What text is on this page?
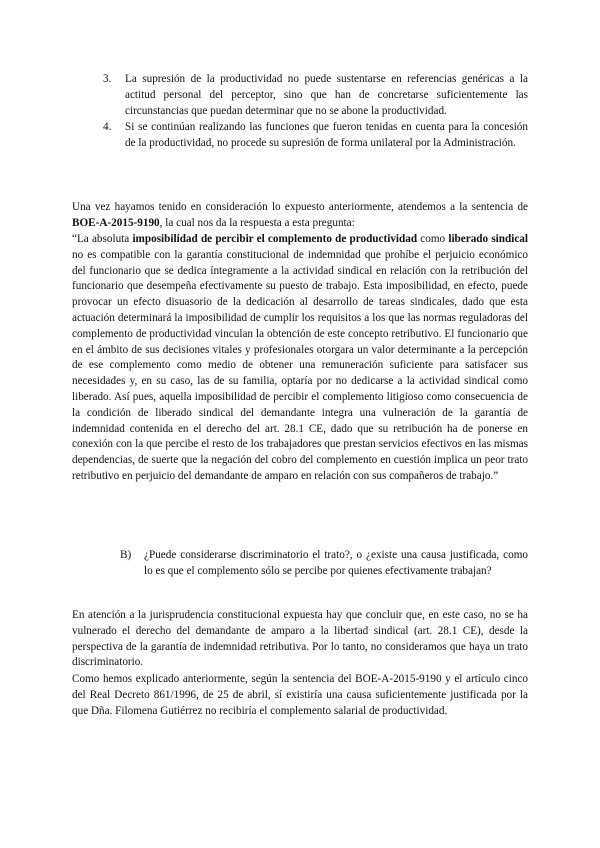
3.	La supresión de la productividad no puede sustentarse en referencias genéricas a la actitud personal del perceptor, sino que han de concretarse suficientemente las circunstancias que puedan determinar que no se abone la productividad.
4.	Si se continúan realizando las funciones que fueron tenidas en cuenta para la concesión de la productividad, no procede su supresión de forma unilateral por la Administración.

Una vez hayamos tenido en consideración lo expuesto anteriormente, atendemos a la sentencia de BOE-A-2015-9190, la cual nos da la respuesta a esta pregunta:

“La absoluta imposibilidad de percibir el complemento de productividad como liberado sindical no es compatible con la garantía constitucional de indemnidad que prohíbe el perjuicio económico del funcionario que se dedica íntegramente a la actividad sindical en relación con la retribución del funcionario que desempeña efectivamente su puesto de trabajo. Esta imposibilidad, en efecto, puede provocar un efecto disuasorio de la dedicación al desarrollo de tareas sindicales, dado que esta actuación determinará la imposibilidad de cumplir los requisitos a los que las normas reguladoras del complemento de productividad vinculan la obtención de este concepto retributivo. El funcionario que en el ámbito de sus decisiones vitales y profesionales otorgara un valor determinante a la percepción de ese complemento como medio de obtener una remuneración suficiente para satisfacer sus necesidades y, en su caso, las de su familia, optaría por no dedicarse a la actividad sindical como liberado. Así pues, aquella imposibilidad de percibir el complemento litigioso como consecuencia de la condición de liberado sindical del demandante integra una vulneración de la garantía de indemnidad contenida en el derecho del art. 28.1 CE, dado que su retribución ha de ponerse en conexión con la que percibe el resto de los trabajadores que prestan servicios efectivos en las mismas dependencias, de suerte que la negación del cobro del complemento en cuestión implica un peor trato retributivo en perjuicio del demandante de amparo en relación con sus compañeros de trabajo.”

B)	¿Puede considerarse discriminatorio el trato?, o ¿existe una causa justificada, como lo es que el complemento sólo se percibe por quienes efectivamente trabajan?

En atención a la jurisprudencia constitucional expuesta hay que concluir que, en este caso, no se ha vulnerado el derecho del demandante de amparo a la libertad sindical (art. 28.1 CE), desde la perspectiva de la garantía de indemnidad retributiva. Por lo tanto, no consideramos que haya un trato discriminatorio.

Como hemos explicado anteriormente, según la sentencia del BOE-A-2015-9190 y el artículo cinco del Real Decreto 861/1996, de 25 de abril, sí existiría una causa suficientemente justificada por la que Dña. Filomena Gutiérrez no recibiría el complemento salarial de productividad.
